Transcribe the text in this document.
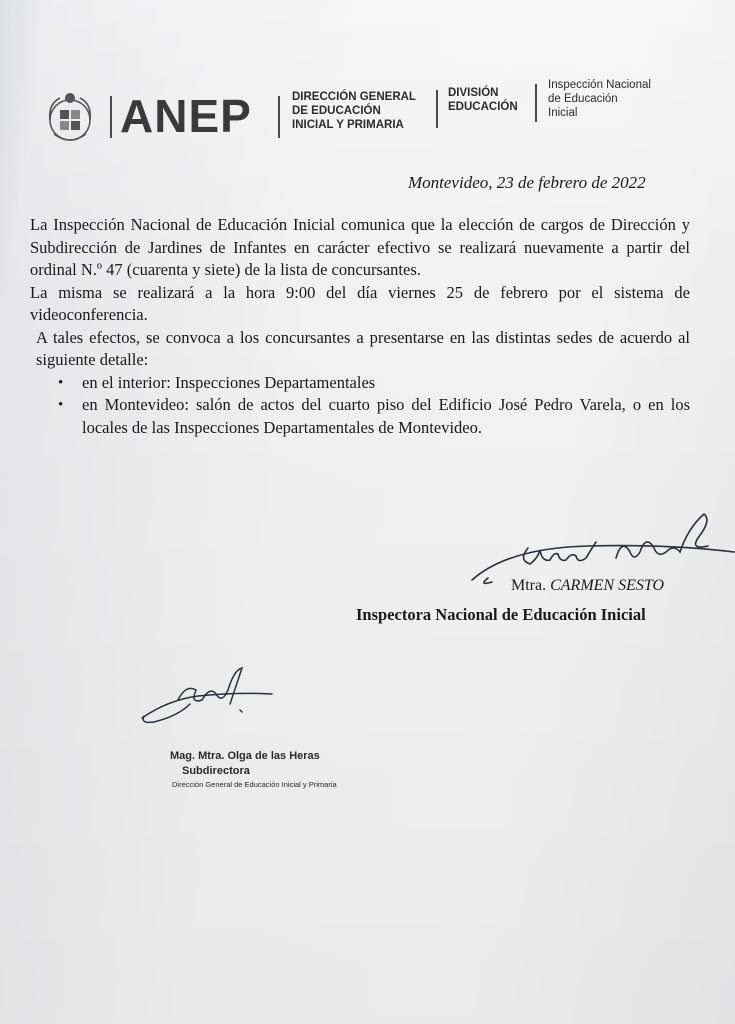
ANEP	DIRECCIÓN GENERAL
DE EDUCACIÓN
INICIAL Y PRIMARIA
DIVISIÓN
EDUCACIÓN
Inspección Nacional
de Educación
Inicial
Montevideo, 23 de febrero de 2022

La Inspección Nacional de Educación Inicial comunica que la elección de cargos de Dirección y Subdirección de Jardines de Infantes en carácter efectivo se realizará nuevamente a partir del ordinal N.º 47 (cuarenta y siete) de la lista de concursantes.

La misma se realizará a la hora 9:00 del día viernes 25 de febrero por el sistema de videoconferencia.

A tales efectos, se convoca a los concursantes a presentarse en las distintas sedes de acuerdo al siguiente detalle:

• en el interior: Inspecciones Departamentales
• en Montevideo: salón de actos del cuarto piso del Edificio José Pedro Varela, o en los locales de las Inspecciones Departamentales de Montevideo.
Mtra. CARMEN SESTO
Inspectora Nacional de Educación Inicial
Mag. Mtra. Olga de las Heras
Subdirectora
Dirección General de Educación Inicial y Primaria
